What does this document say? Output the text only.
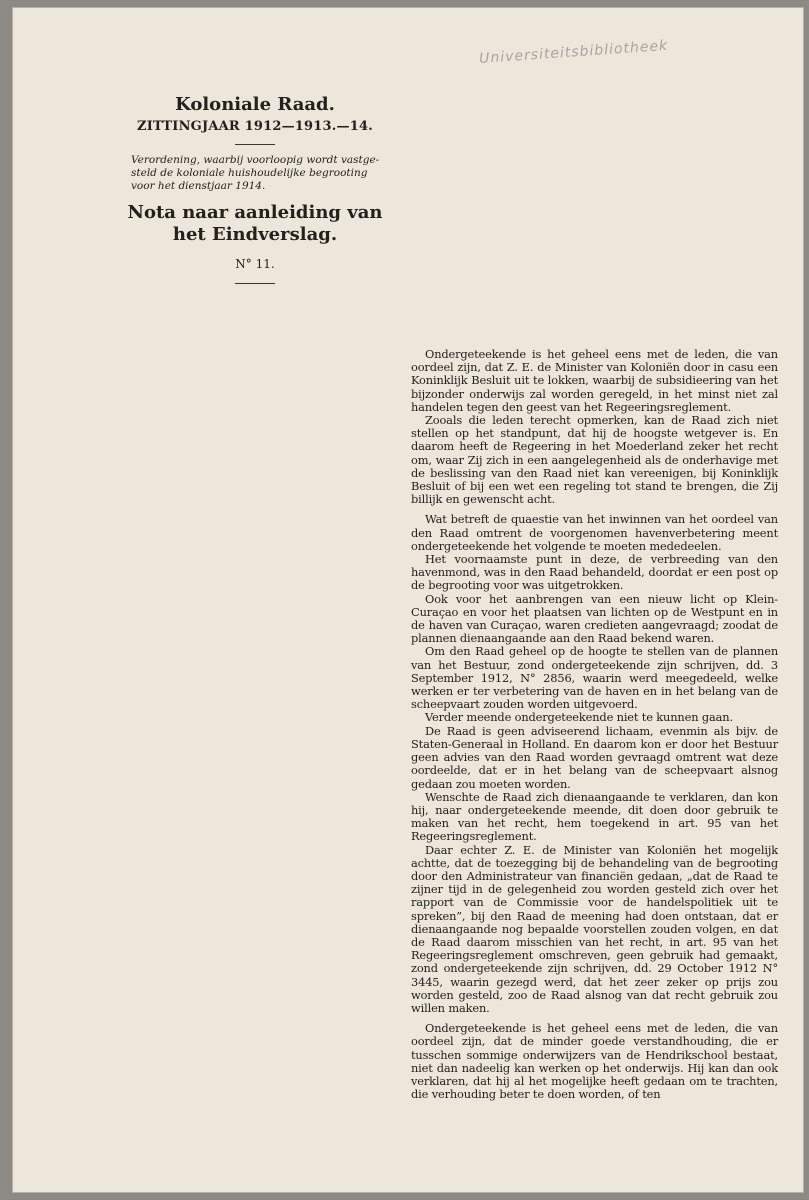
Universiteitsbibliotheek
Koloniale Raad.
ZITTINGJAAR 1912—1913.—14.
Verordening, waarbij voorloopig wordt vastge-
steld de koloniale huishoudelijke begrooting
voor het dienstjaar 1914.
Nota naar aanleiding van
het Eindverslag.
N° 11.

Ondergeteekende is het geheel eens met de leden, die van oordeel zijn, dat Z. E. de Minister van Koloniën door in casu een Koninklijk Besluit uit te lokken, waarbij de subsidieering van het bijzonder onderwijs zal worden geregeld, in het minst niet zal handelen tegen den geest van het Regeeringsreglement.
Zooals die leden terecht opmerken, kan de Raad zich niet stellen op het standpunt, dat hij de hoogste wetgever is. En daarom heeft de Regeering in het Moederland zeker het recht om, waar Zij zich in een aangelegenheid als de onderhavige met de beslissing van den Raad niet kan vereenigen, bij Koninklijk Besluit of bij een wet een regeling tot stand te brengen, die Zij billijk en gewenscht acht.

Wat betreft de quaestie van het inwinnen van het oordeel van den Raad omtrent de voorgenomen havenverbetering meent ondergeteekende het volgende te moeten mededeelen.
Het voornaamste punt in deze, de verbreeding van den havenmond, was in den Raad behandeld, doordat er een post op de begrooting voor was uitgetrokken.
Ook voor het aanbrengen van een nieuw licht op Klein-Curaçao en voor het plaatsen van lichten op de Westpunt en in de haven van Curaçao, waren credieten aangevraagd; zoodat de plannen dienaangaande aan den Raad bekend waren.
Om den Raad geheel op de hoogte te stellen van de plannen van het Bestuur, zond ondergeteekende zijn schrijven, dd. 3 September 1912, N° 2856, waarin werd meegedeeld, welke werken er ter verbetering van de haven en in het belang van de scheepvaart zouden worden uitgevoerd.
Verder meende ondergeteekende niet te kunnen gaan.
De Raad is geen adviseerend lichaam, evenmin als bijv. de Staten-Generaal in Holland. En daarom kon er door het Bestuur geen advies van den Raad worden gevraagd omtrent wat deze oordeelde, dat er in het belang van de scheepvaart alsnog gedaan zou moeten worden.
Wenschte de Raad zich dienaangaande te verklaren, dan kon hij, naar ondergeteekende meende, dit doen door gebruik te maken van het recht, hem toegekend in art. 95 van het Regeeringsreglement.
Daar echter Z. E. de Minister van Koloniën het mogelijk achtte, dat de toezegging bij de behandeling van de begrooting door den Administrateur van financiën gedaan, „dat de Raad te zijner tijd in de gelegenheid zou worden gesteld zich over het rapport van de Commissie voor de handelspolitiek uit te spreken”, bij den Raad de meening had doen ontstaan, dat er dienaangaande nog bepaalde voorstellen zouden volgen, en dat de Raad daarom misschien van het recht, in art. 95 van het Regeeringsreglement omschreven, geen gebruik had gemaakt, zond ondergeteekende zijn schrijven, dd. 29 October 1912 N° 3445, waarin gezegd werd, dat het zeer zeker op prijs zou worden gesteld, zoo de Raad alsnog van dat recht gebruik zou willen maken.

Ondergeteekende is het geheel eens met de leden, die van oordeel zijn, dat de minder goede verstandhouding, die er tusschen sommige onderwijzers van de Hendrikschool bestaat, niet dan nadeelig kan werken op het onderwijs. Hij kan dan ook verklaren, dat hij al het mogelijke heeft gedaan om te trachten, die verhouding beter te doen worden, of ten
